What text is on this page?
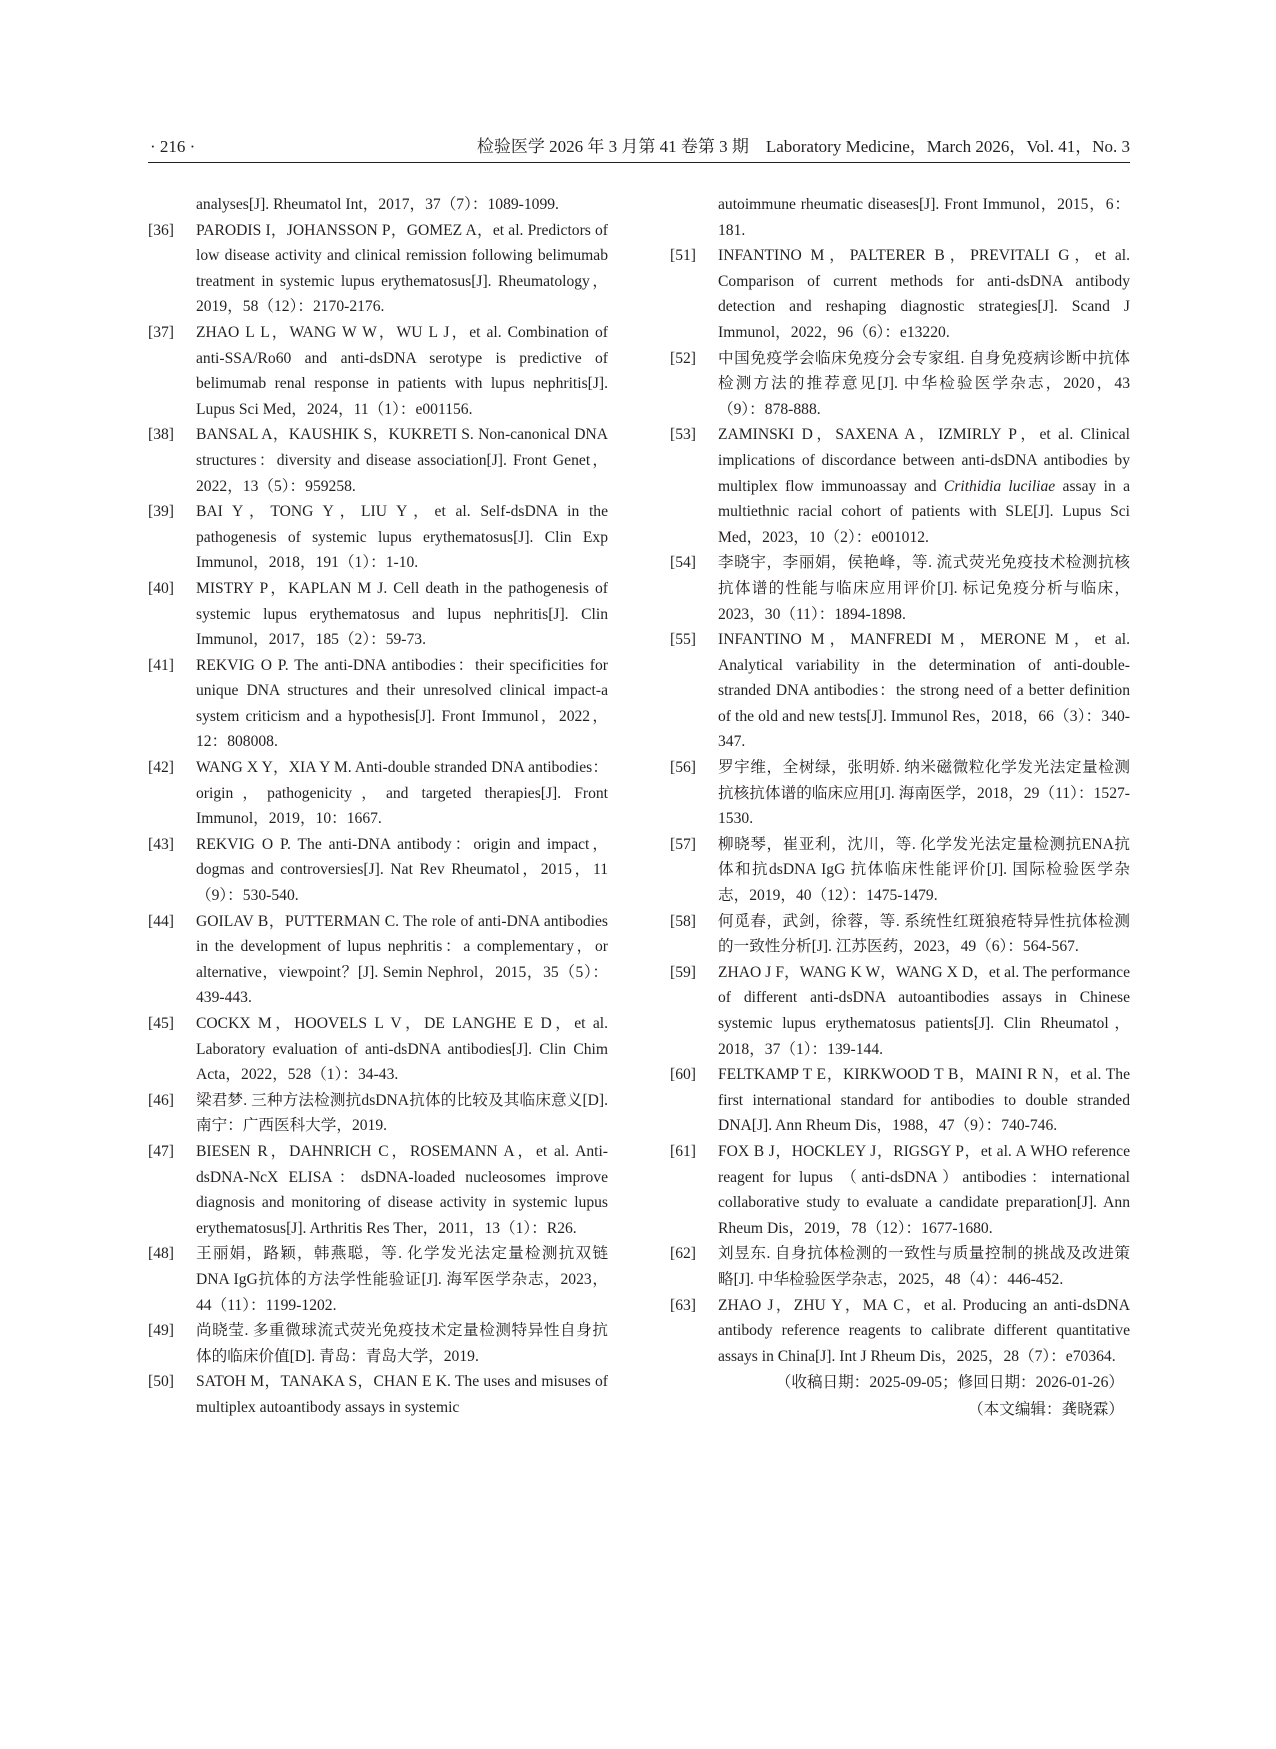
· 216 ·	检验医学 2026 年 3 月第 41 卷第 3 期　Laboratory Medicine，March 2026，Vol. 41，No. 3
analyses[J]. Rheumatol Int，2017，37（7）：1089-1099.
[36] PARODIS I，JOHANSSON P，GOMEZ A，et al. Predictors of low disease activity and clinical remission following belimumab treatment in systemic lupus erythematosus[J]. Rheumatology，2019，58（12）：2170-2176.
[37] ZHAO L L，WANG W W，WU L J，et al. Combination of anti-SSA/Ro60 and anti-dsDNA serotype is predictive of belimumab renal response in patients with lupus nephritis[J]. Lupus Sci Med，2024，11（1）：e001156.
[38] BANSAL A，KAUSHIK S，KUKRETI S. Non-canonical DNA structures：diversity and disease association[J]. Front Genet，2022，13（5）：959258.
[39] BAI Y，TONG Y，LIU Y，et al. Self-dsDNA in the pathogenesis of systemic lupus erythematosus[J]. Clin Exp Immunol，2018，191（1）：1-10.
[40] MISTRY P，KAPLAN M J. Cell death in the pathogenesis of systemic lupus erythematosus and lupus nephritis[J]. Clin Immunol，2017，185（2）：59-73.
[41] REKVIG O P. The anti-DNA antibodies：their specificities for unique DNA structures and their unresolved clinical impact-a system criticism and a hypothesis[J]. Front Immunol，2022，12：808008.
[42] WANG X Y，XIA Y M. Anti-double stranded DNA antibodies：origin，pathogenicity，and targeted therapies[J]. Front Immunol，2019，10：1667.
[43] REKVIG O P. The anti-DNA antibody：origin and impact，dogmas and controversies[J]. Nat Rev Rheumatol，2015，11（9）：530-540.
[44] GOILAV B，PUTTERMAN C. The role of anti-DNA antibodies in the development of lupus nephritis：a complementary，or alternative，viewpoint？[J]. Semin Nephrol，2015，35（5）：439-443.
[45] COCKX M，HOOVELS L V，DE LANGHE E D，et al. Laboratory evaluation of anti-dsDNA antibodies[J]. Clin Chim Acta，2022，528（1）：34-43.
[46] 梁君梦. 三种方法检测抗dsDNA抗体的比较及其临床意义[D]. 南宁：广西医科大学，2019.
[47] BIESEN R，DAHNRICH C，ROSEMANN A，et al. Anti-dsDNA-NcX ELISA：dsDNA-loaded nucleosomes improve diagnosis and monitoring of disease activity in systemic lupus erythematosus[J]. Arthritis Res Ther，2011，13（1）：R26.
[48] 王丽娟，路颖，韩燕聪，等. 化学发光法定量检测抗双链DNA IgG抗体的方法学性能验证[J]. 海军医学杂志，2023，44（11）：1199-1202.
[49] 尚晓莹. 多重微球流式荧光免疫技术定量检测特异性自身抗体的临床价值[D]. 青岛：青岛大学，2019.
[50] SATOH M，TANAKA S，CHAN E K. The uses and misuses of multiplex autoantibody assays in systemic
autoimmune rheumatic diseases[J]. Front Immunol，2015，6：181.
[51] INFANTINO M，PALTERER B，PREVITALI G，et al. Comparison of current methods for anti-dsDNA antibody detection and reshaping diagnostic strategies[J]. Scand J Immunol，2022，96（6）：e13220.
[52] 中国免疫学会临床免疫分会专家组. 自身免疫病诊断中抗体检测方法的推荐意见[J]. 中华检验医学杂志，2020，43（9）：878-888.
[53] ZAMINSKI D，SAXENA A，IZMIRLY P，et al. Clinical implications of discordance between anti-dsDNA antibodies by multiplex flow immunoassay and Crithidia luciliae assay in a multiethnic racial cohort of patients with SLE[J]. Lupus Sci Med，2023，10（2）：e001012.
[54] 李晓宇，李丽娟，侯艳峰，等. 流式荧光免疫技术检测抗核抗体谱的性能与临床应用评价[J]. 标记免疫分析与临床，2023，30（11）：1894-1898.
[55] INFANTINO M，MANFREDI M，MERONE M，et al. Analytical variability in the determination of anti-double-stranded DNA antibodies：the strong need of a better definition of the old and new tests[J]. Immunol Res，2018，66（3）：340-347.
[56] 罗宇维，全树绿，张明娇. 纳米磁微粒化学发光法定量检测抗核抗体谱的临床应用[J]. 海南医学，2018，29（11）：1527-1530.
[57] 柳晓琴，崔亚利，沈川，等. 化学发光法定量检测抗ENA抗体和抗dsDNA IgG 抗体临床性能评价[J]. 国际检验医学杂志，2019，40（12）：1475-1479.
[58] 何觅春，武剑，徐蓉，等. 系统性红斑狼疮特异性抗体检测的一致性分析[J]. 江苏医药，2023，49（6）：564-567.
[59] ZHAO J F，WANG K W，WANG X D，et al. The performance of different anti-dsDNA autoantibodies assays in Chinese systemic lupus erythematosus patients[J]. Clin Rheumatol，2018，37（1）：139-144.
[60] FELTKAMP T E，KIRKWOOD T B，MAINI R N，et al. The first international standard for antibodies to double stranded DNA[J]. Ann Rheum Dis，1988，47（9）：740-746.
[61] FOX B J，HOCKLEY J，RIGSGY P，et al. A WHO reference reagent for lupus （anti-dsDNA）antibodies：international collaborative study to evaluate a candidate preparation[J]. Ann Rheum Dis，2019，78（12）：1677-1680.
[62] 刘昱东. 自身抗体检测的一致性与质量控制的挑战及改进策略[J]. 中华检验医学杂志，2025，48（4）：446-452.
[63] ZHAO J，ZHU Y，MA C，et al. Producing an anti-dsDNA antibody reference reagents to calibrate different quantitative assays in China[J]. Int J Rheum Dis，2025，28（7）：e70364.
（收稿日期：2025-09-05；修回日期：2026-01-26）
（本文编辑：龚晓霖）
